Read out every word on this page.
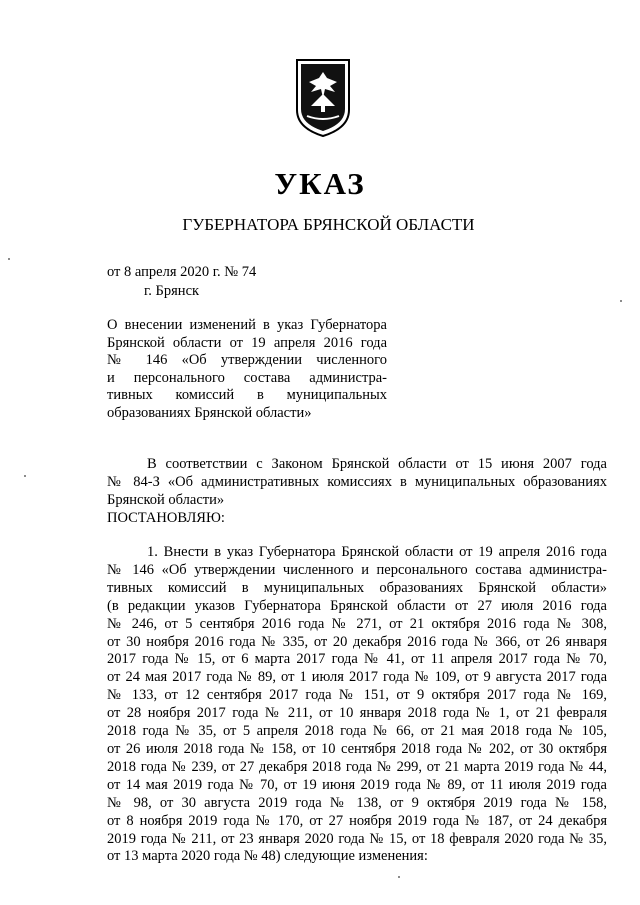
УКАЗ
ГУБЕРНАТОРА БРЯНСКОЙ ОБЛАСТИ
от 8 апреля 2020 г. № 74
г. Брянск
О внесении изменений в указ Губернатора
Брянской области от 19 апреля 2016 года
№ 146 «Об утверждении численного
и персонального состава администра-
тивных комиссий в муниципальных
образованиях Брянской области»
В соответствии с Законом Брянской области от 15 июня 2007 года
№ 84-З «Об административных комиссиях в муниципальных образованиях
Брянской области»
ПОСТАНОВЛЯЮ:
1. Внести в указ Губернатора Брянской области от 19 апреля 2016 года
№ 146 «Об утверждении численного и персонального состава администра-
тивных комиссий в муниципальных образованиях Брянской области»
(в редакции указов Губернатора Брянской области от 27 июля 2016 года
№ 246, от 5 сентября 2016 года № 271, от 21 октября 2016 года № 308,
от 30 ноября 2016 года № 335, от 20 декабря 2016 года № 366, от 26 января
2017 года № 15, от 6 марта 2017 года № 41, от 11 апреля 2017 года № 70,
от 24 мая 2017 года № 89, от 1 июля 2017 года № 109, от 9 августа 2017 года
№ 133, от 12 сентября 2017 года № 151, от 9 октября 2017 года № 169,
от 28 ноября 2017 года № 211, от 10 января 2018 года № 1, от 21 февраля
2018 года № 35, от 5 апреля 2018 года № 66, от 21 мая 2018 года № 105,
от 26 июля 2018 года № 158, от 10 сентября 2018 года № 202, от 30 октября
2018 года № 239, от 27 декабря 2018 года № 299, от 21 марта 2019 года № 44,
от 14 мая 2019 года № 70, от 19 июня 2019 года № 89, от 11 июля 2019 года
№ 98, от 30 августа 2019 года № 138, от 9 октября 2019 года № 158,
от 8 ноября 2019 года № 170, от 27 ноября 2019 года № 187, от 24 декабря
2019 года № 211, от 23 января 2020 года № 15, от 18 февраля 2020 года № 35,
от 13 марта 2020 года № 48) следующие изменения:
